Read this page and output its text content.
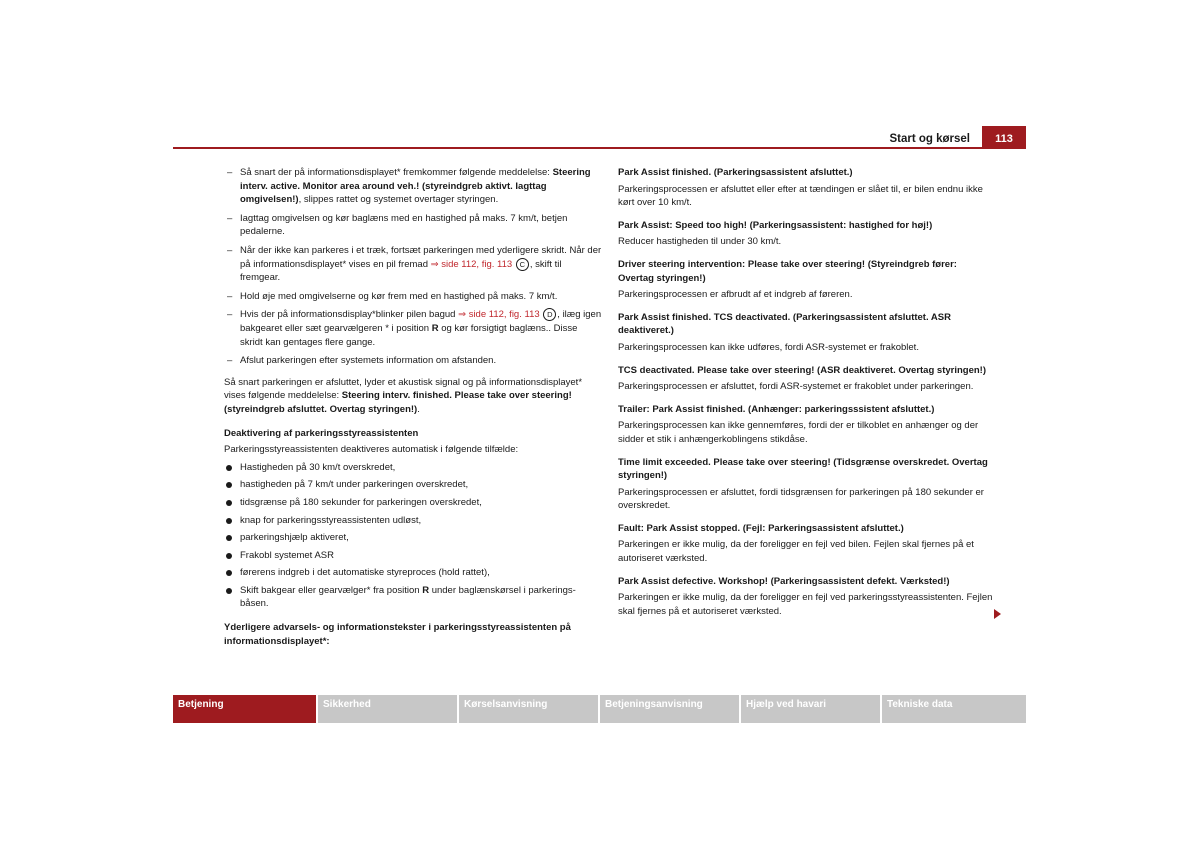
Start og kørsel	113
– Så snart der på informationsdisplayet* fremkommer følgende meddelelse: Steering interv. active. Monitor area around veh.! (styreindgreb aktivt. Iagttag omgivelsen!), slippes rattet og systemet overtager styringen.
– Iagttag omgivelsen og kør baglæns med en hastighed på maks. 7 km/t, betjen pedalerne.
– Når der ikke kan parkeres i et træk, fortsæt parkeringen med yderligere skridt. Når der på informationsdisplayet* vises en pil fremad ⇒ side 112, fig. 113 C , skift til fremgear.
– Hold øje med omgivelserne og kør frem med en hastighed på maks. 7 km/t.
– Hvis der på informationsdisplay*blinker pilen bagud ⇒ side 112, fig. 113 D , ilæg igen bakgearet eller sæt gearvælgeren * i position R og kør forsigtigt baglæns.. Disse skridt kan gentages flere gange.
– Afslut parkeringen efter systemets information om afstanden.

Så snart parkeringen er afsluttet, lyder et akustisk signal og på informationsdisplayet* vises følgende meddelelse: Steering interv. finished. Please take over steering! (styreindgreb afsluttet. Overtag styringen!).

Deaktivering af parkeringsstyreassistenten

Parkeringsstyreassistenten deaktiveres automatisk i følgende tilfælde:

Hastigheden på 30 km/t overskredet,
hastigheden på 7 km/t under parkeringen overskredet,
tidsgrænse på 180 sekunder for parkeringen overskredet,
knap for parkeringsstyreassistenten udløst,
parkeringshjælp aktiveret,
Frakobl systemet ASR
førerens indgreb i det automatiske styreproces (hold rattet),
Skift bakgear eller gearvælger* fra position R under baglænskørsel i parkerings-båsen.

Yderligere advarsels- og informationstekster i parkeringsstyreassistenten på informationsdisplayet*:

Park Assist finished. (Parkeringsassistent afsluttet.)

Parkeringsprocessen er afsluttet eller efter at tændingen er slået til, er bilen endnu ikke kørt over 10 km/t.

Park Assist: Speed too high! (Parkeringsassistent: hastighed for høj!)

Reducer hastigheden til under 30 km/t.

Driver steering intervention: Please take over steering! (Styreindgreb fører: Overtag styringen!)

Parkeringsprocessen er afbrudt af et indgreb af føreren.

Park Assist finished. TCS deactivated. (Parkeringsassistent afsluttet. ASR deaktiveret.)

Parkeringsprocessen kan ikke udføres, fordi ASR-systemet er frakoblet.

TCS deactivated. Please take over steering! (ASR deaktiveret. Overtag styringen!)

Parkeringsprocessen er afsluttet, fordi ASR-systemet er frakoblet under parkeringen.

Trailer: Park Assist finished. (Anhænger: parkeringsssistent afsluttet.)

Parkeringsprocessen kan ikke gennemføres, fordi der er tilkoblet en anhænger og der sidder et stik i anhængerkoblingens stikdåse.

Time limit exceeded. Please take over steering! (Tidsgrænse overskredet. Overtag styringen!)

Parkeringsprocessen er afsluttet, fordi tidsgrænsen for parkeringen på 180 sekunder er overskredet.

Fault: Park Assist stopped. (Fejl: Parkeringsassistent afsluttet.)

Parkeringen er ikke mulig, da der foreligger en fejl ved bilen. Fejlen skal fjernes på et autoriseret værksted.

Park Assist defective. Workshop! (Parkeringsassistent defekt. Værksted!)

Parkeringen er ikke mulig, da der foreligger en fejl ved parkeringsstyreassistenten. Fejlen skal fjernes på et autoriseret værksted.

Betjening	Sikkerhed	Kørselsanvisning	Betjeningsanvisning	Hjælp ved havari	Tekniske data
